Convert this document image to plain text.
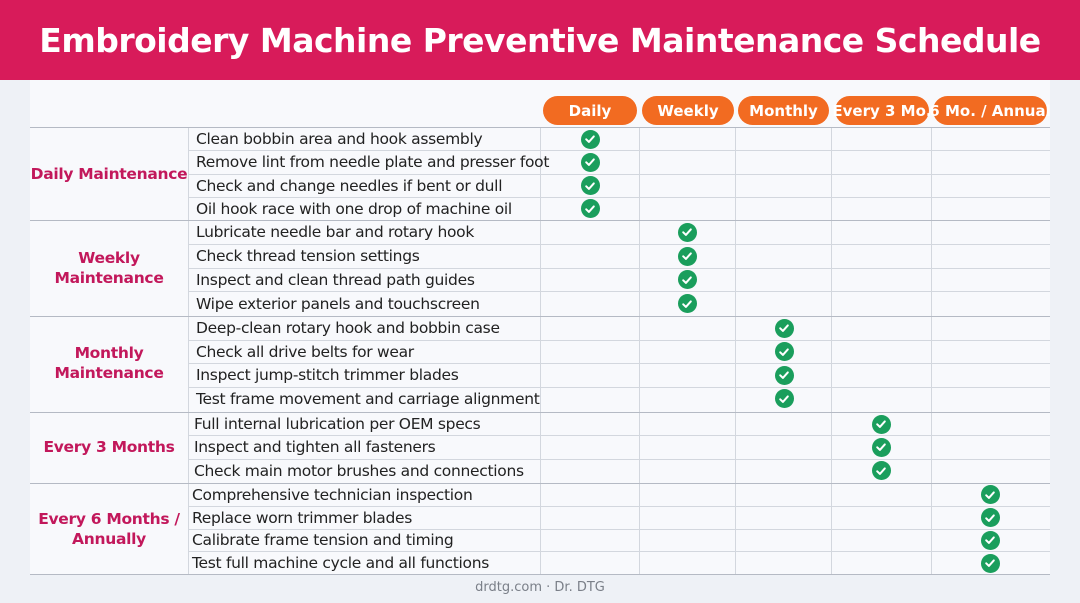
Embroidery Machine Preventive Maintenance Schedule
Daily	Weekly	Monthly Every 3 Mo.
6 Mo. / Annual
Daily Maintenance
Clean bobbin area and hook assembly
Remove lint from needle plate and presser foot
Check and change needles if bent or dull
Oil hook race with one drop of machine oil
Weekly Maintenance
Lubricate needle bar and rotary hook
Check thread tension settings
Inspect and clean thread path guides
Wipe exterior panels and touchscreen
Monthly Maintenance
Deep-clean rotary hook and bobbin case
Check all drive belts for wear
Inspect jump-stitch trimmer blades
Test frame movement and carriage alignment
Every 3 Months
Full internal lubrication per OEM specs
Inspect and tighten all fasteners
Check main motor brushes and connections
Every 6 Months /
Annually
Comprehensive technician inspection
Replace worn trimmer blades
Calibrate frame tension and timing
Test full machine cycle and all functions
drdtg.com · Dr. DTG
